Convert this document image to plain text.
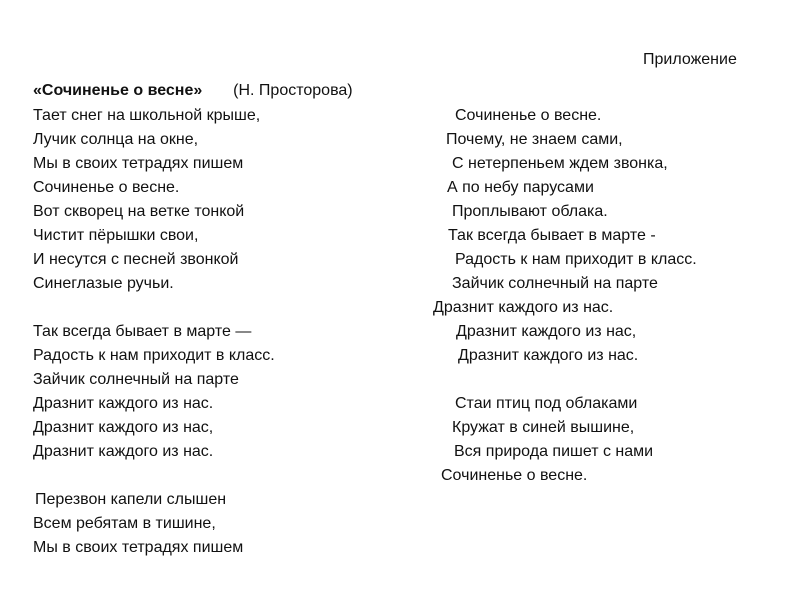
Приложение
«Сочиненье о весне» (Н. Просторова)
Тает снег на школьной крыше,
Лучик солнца на окне,
Мы в своих тетрадях пишем
Сочиненье о весне.
Вот скворец на ветке тонкой
Чистит пёрышки свои,
И несутся с песней звонкой
Синеглазые ручьи.
Так всегда бывает в марте —
Радость к нам приходит в класс.
Зайчик солнечный на парте
Дразнит каждого из нас.
Дразнит каждого из нас,
Дразнит каждого из нас.
Перезвон капели слышен
Всем ребятам в тишине,
Мы в своих тетрадях пишем
Сочиненье о весне.
Почему, не знаем сами,
С нетерпеньем ждем звонка,
А по небу парусами
Проплывают облака.
Так всегда бывает в марте -
Радость к нам приходит в класс.
Зайчик солнечный на парте
Дразнит каждого из нас.
Дразнит каждого из нас,
Дразнит каждого из нас.
Стаи птиц под облаками
Кружат в синей вышине,
Вся природа пишет с нами
Сочиненье о весне.
